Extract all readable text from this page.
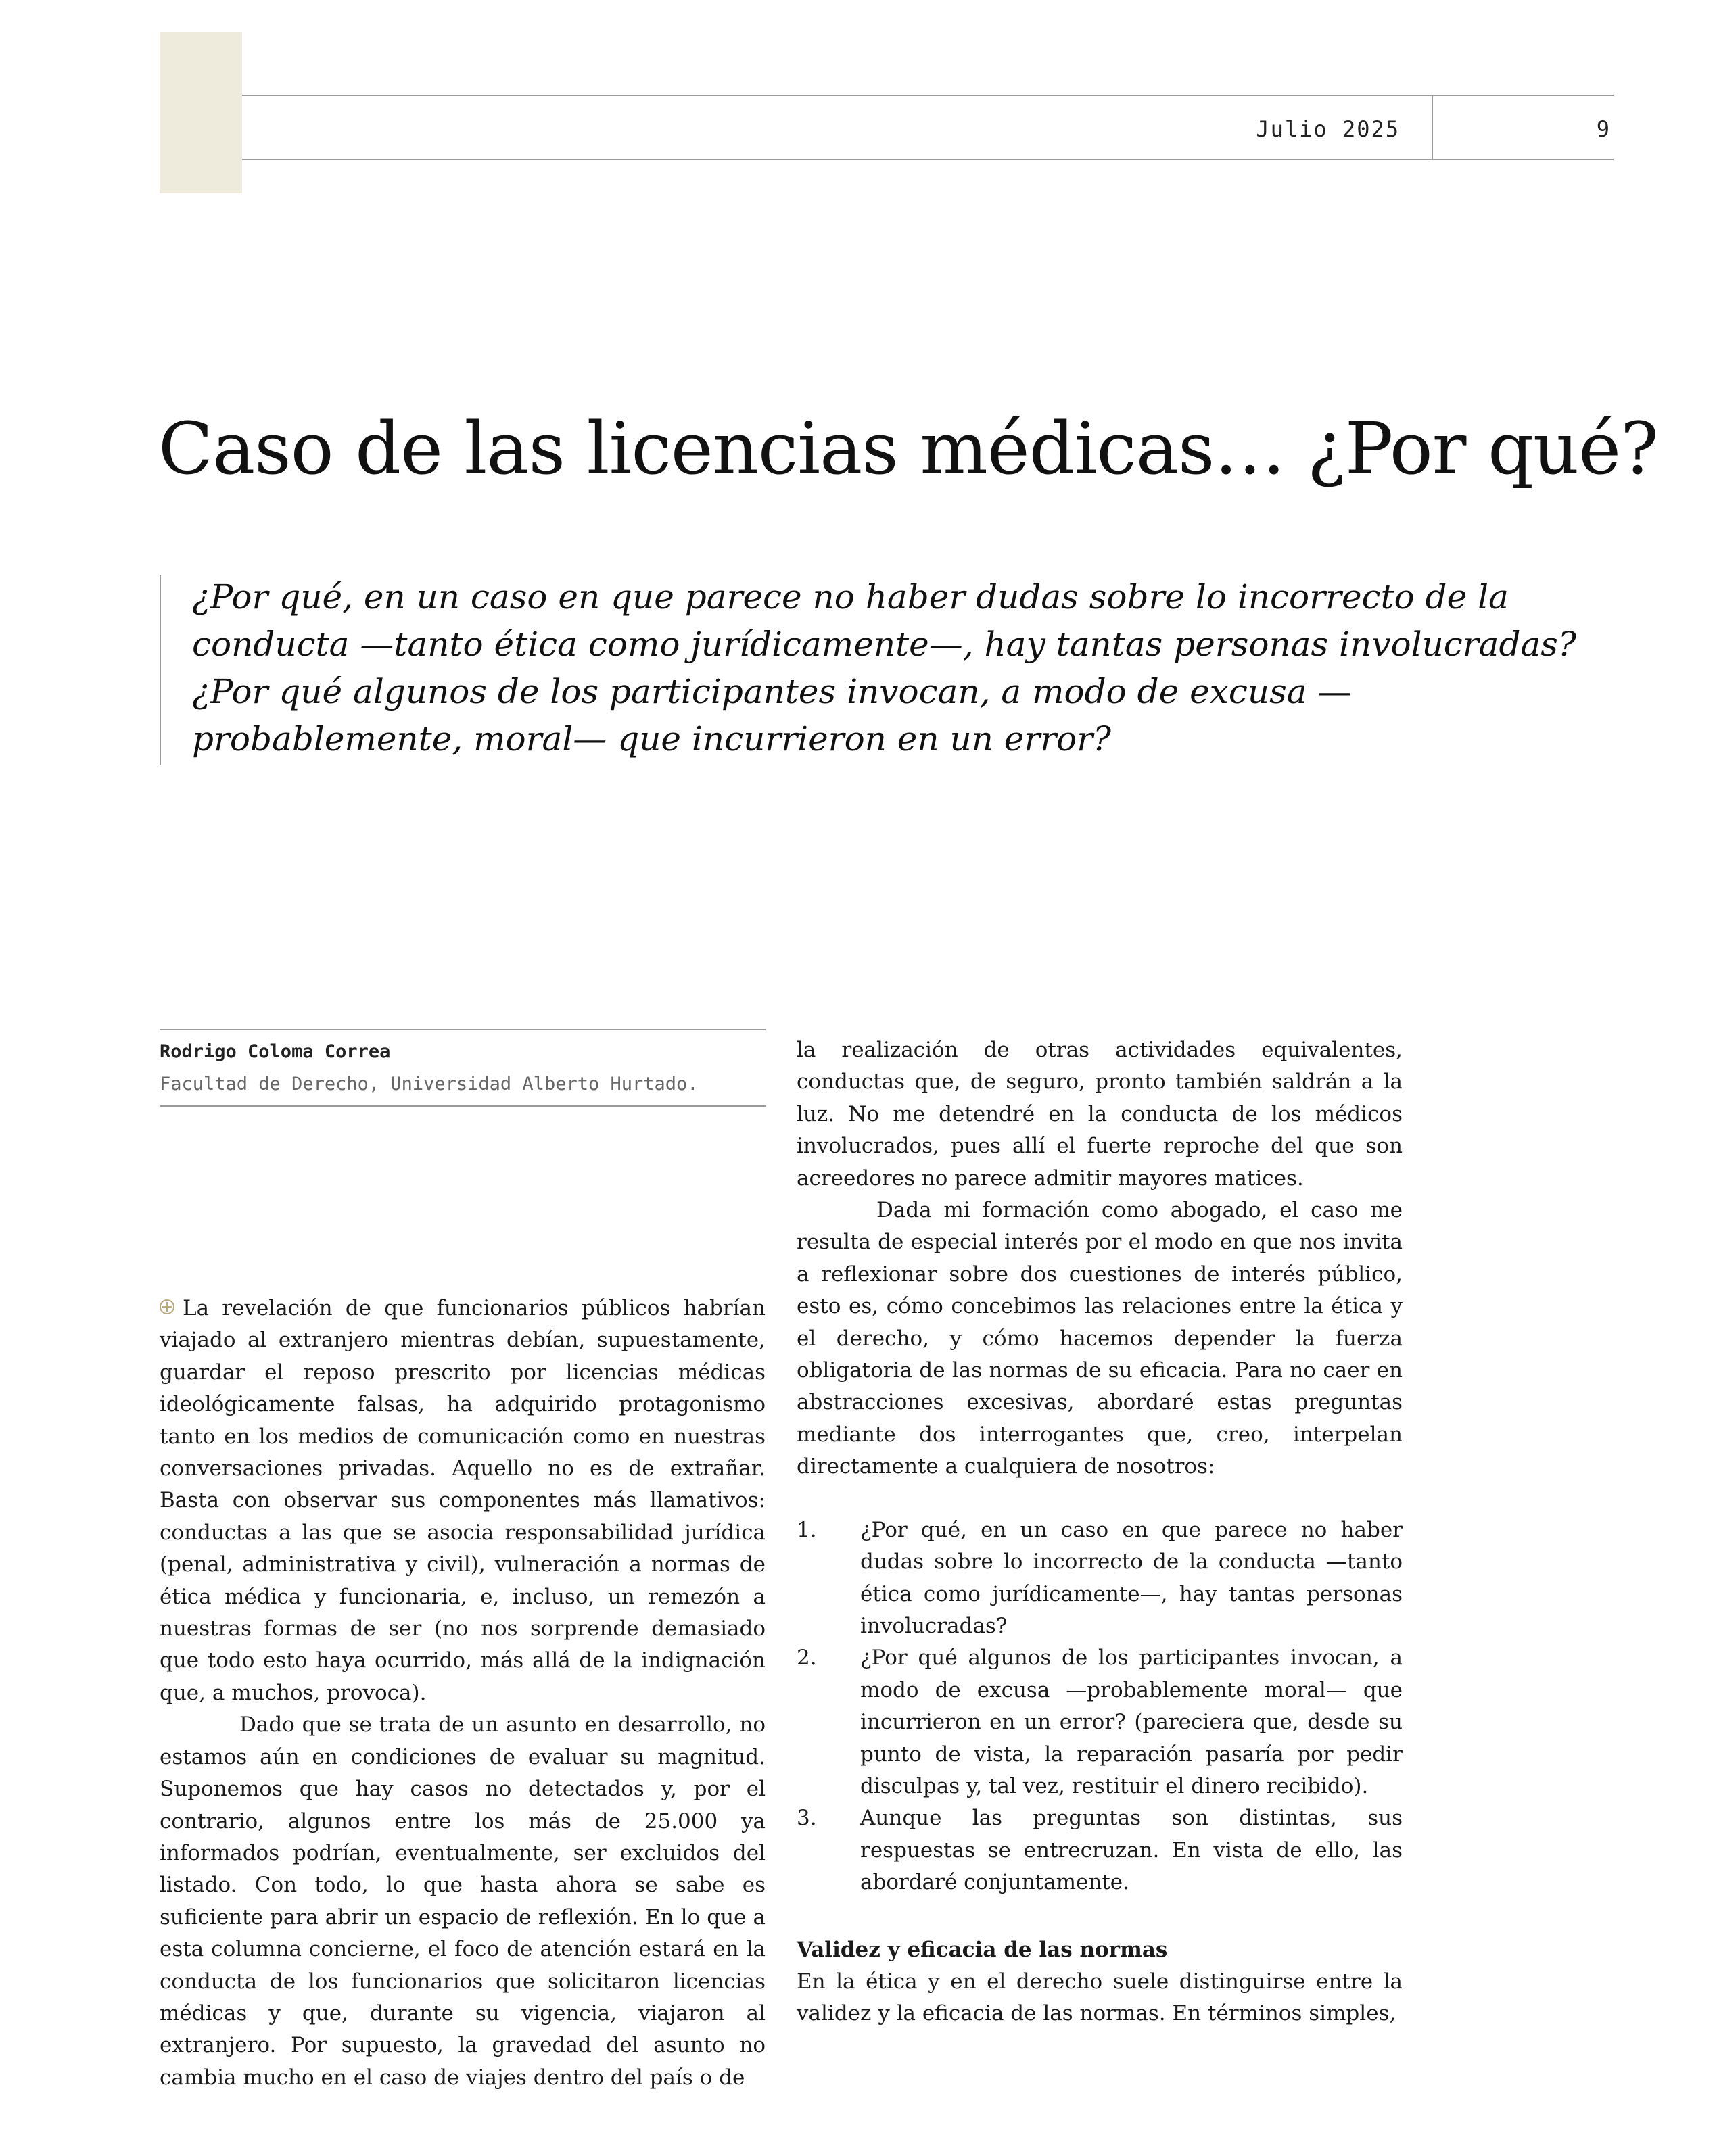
Julio 2025	9
Caso de las licencias médicas… ¿Por qué?

¿Por qué, en un caso en que parece no haber dudas sobre lo incorrecto de la conducta —tanto ética como jurídicamente—, hay tantas personas involucradas? ¿Por qué algunos de los participantes invocan, a modo de excusa —probablemente, moral— que incurrieron en un error?

Rodrigo Coloma Correa
Facultad de Derecho, Universidad Alberto Hurtado.

La revelación de que funcionarios públicos habrían viajado al extranjero mientras debían, supuestamente, guardar el reposo prescrito por licencias médicas ideológicamente falsas, ha adquirido protagonismo tanto en los medios de comunicación como en nuestras conversaciones privadas. Aquello no es de extrañar. Basta con observar sus componentes más llamativos: conductas a las que se asocia responsabilidad jurídica (penal, administrativa y civil), vulneración a normas de ética médica y funcionaria, e, incluso, un remezón a nuestras formas de ser (no nos sorprende demasiado que todo esto haya ocurrido, más allá de la indignación que, a muchos, provoca).

Dado que se trata de un asunto en desarrollo, no estamos aún en condiciones de evaluar su magnitud. Suponemos que hay casos no detectados y, por el contrario, algunos entre los más de 25.000 ya informados podrían, eventualmente, ser excluidos del listado. Con todo, lo que hasta ahora se sabe es suficiente para abrir un espacio de reflexión. En lo que a esta columna concierne, el foco de atención estará en la conducta de los funcionarios que solicitaron licencias médicas y que, durante su vigencia, viajaron al extranjero. Por supuesto, la gravedad del asunto no cambia mucho en el caso de viajes dentro del país o de

la realización de otras actividades equivalentes, conductas que, de seguro, pronto también saldrán a la luz. No me detendré en la conducta de los médicos involucrados, pues allí el fuerte reproche del que son acreedores no parece admitir mayores matices.

Dada mi formación como abogado, el caso me resulta de especial interés por el modo en que nos invita a reflexionar sobre dos cuestiones de interés público, esto es, cómo concebimos las relaciones entre la ética y el derecho, y cómo hacemos depender la fuerza obligatoria de las normas de su eficacia. Para no caer en abstracciones excesivas, abordaré estas preguntas mediante dos interrogantes que, creo, interpelan directamente a cualquiera de nosotros:

1. ¿Por qué, en un caso en que parece no haber dudas sobre lo incorrecto de la conducta —tanto ética como jurídicamente—, hay tantas personas involucradas?
2. ¿Por qué algunos de los participantes invocan, a modo de excusa —probablemente moral— que incurrieron en un error? (pareciera que, desde su punto de vista, la reparación pasaría por pedir disculpas y, tal vez, restituir el dinero recibido).
3. Aunque las preguntas son distintas, sus respuestas se entrecruzan. En vista de ello, las abordaré conjuntamente.
Validez y eficacia de las normas

En la ética y en el derecho suele distinguirse entre la validez y la eficacia de las normas. En términos simples,
